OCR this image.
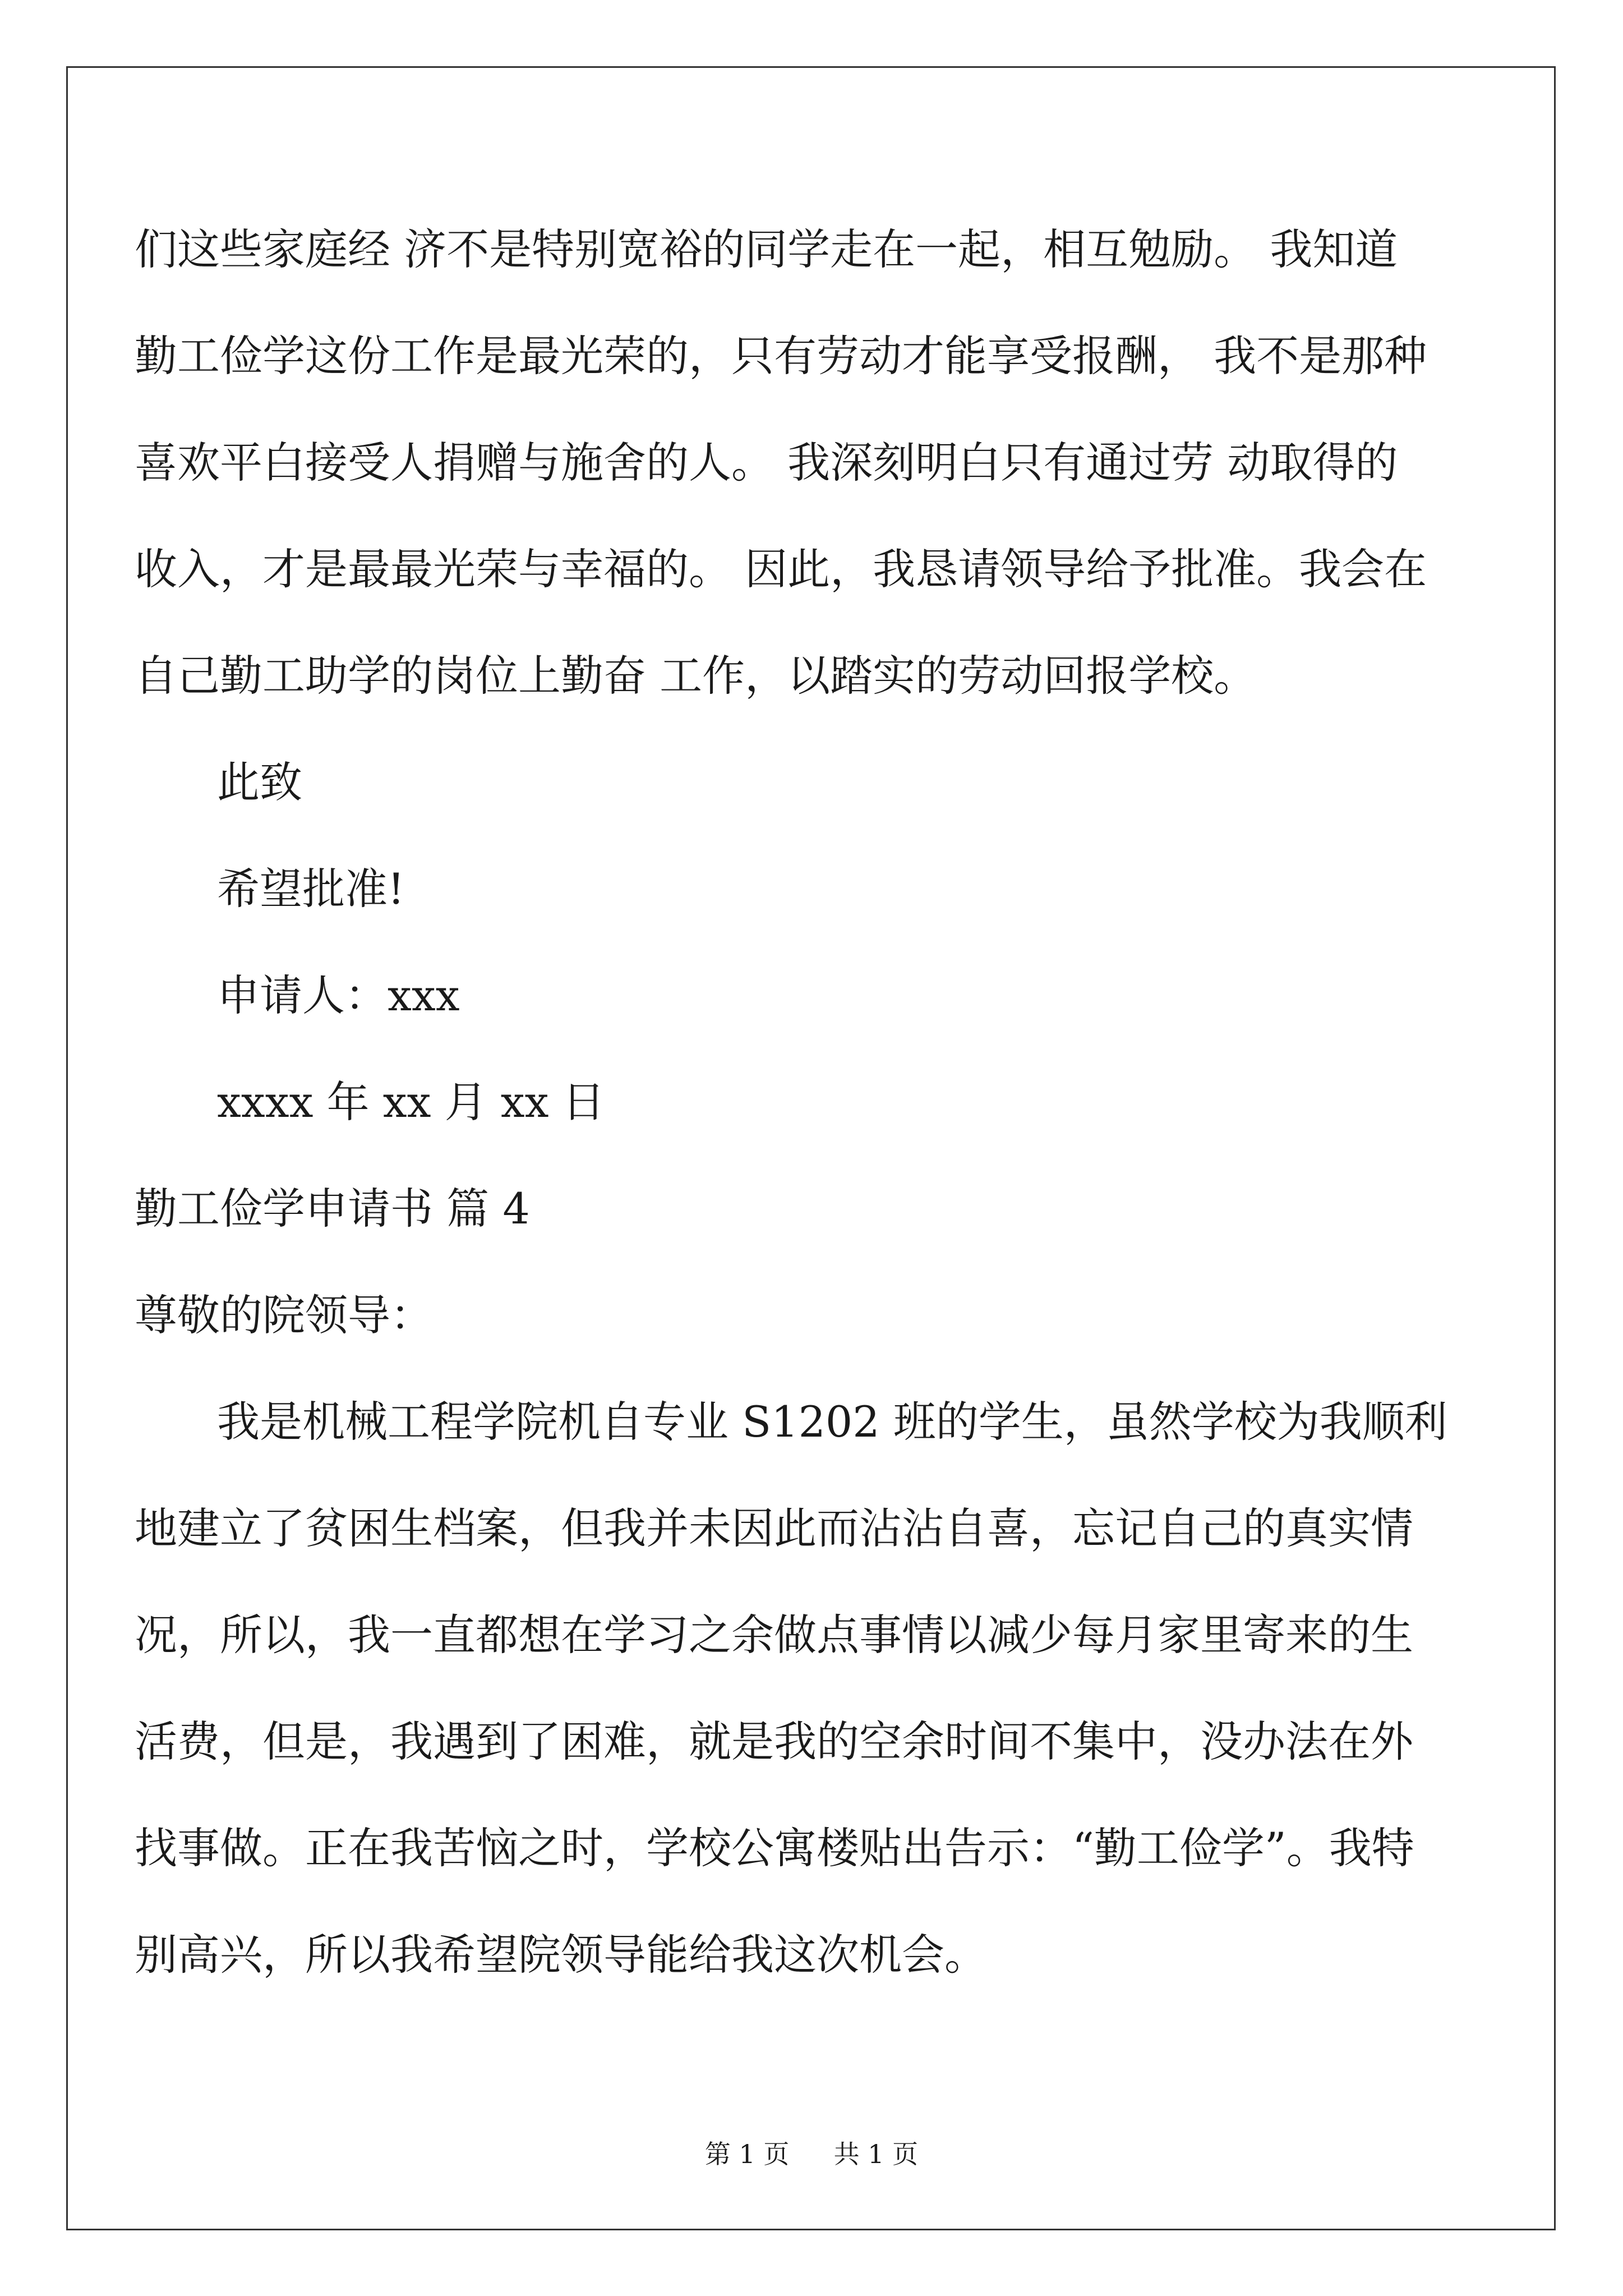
们这些家庭经 济不是特别宽裕的同学走在一起，相互勉励。 我知道
勤工俭学这份工作是最光荣的，只有劳动才能享受报酬， 我不是那种
喜欢平白接受人捐赠与施舍的人。 我深刻明白只有通过劳 动取得的
收入，才是最最光荣与幸福的。 因此，我恳请领导给予批准。我会在
自己勤工助学的岗位上勤奋 工作，以踏实的劳动回报学校。
此致
希望批准!
申请人：xxx
xxxx 年 xx 月 xx 日
勤工俭学申请书 篇 4
尊敬的院领导：
我是机械工程学院机自专业 S1202 班的学生，虽然学校为我顺利
地建立了贫困生档案，但我并未因此而沾沾自喜，忘记自己的真实情
况，所以，我一直都想在学习之余做点事情以减少每月家里寄来的生
活费，但是，我遇到了困难，就是我的空余时间不集中，没办法在外
找事做。正在我苦恼之时，学校公寓楼贴出告示：“勤工俭学”。我特
别高兴，所以我希望院领导能给我这次机会。
第 1 页 共 1 页
